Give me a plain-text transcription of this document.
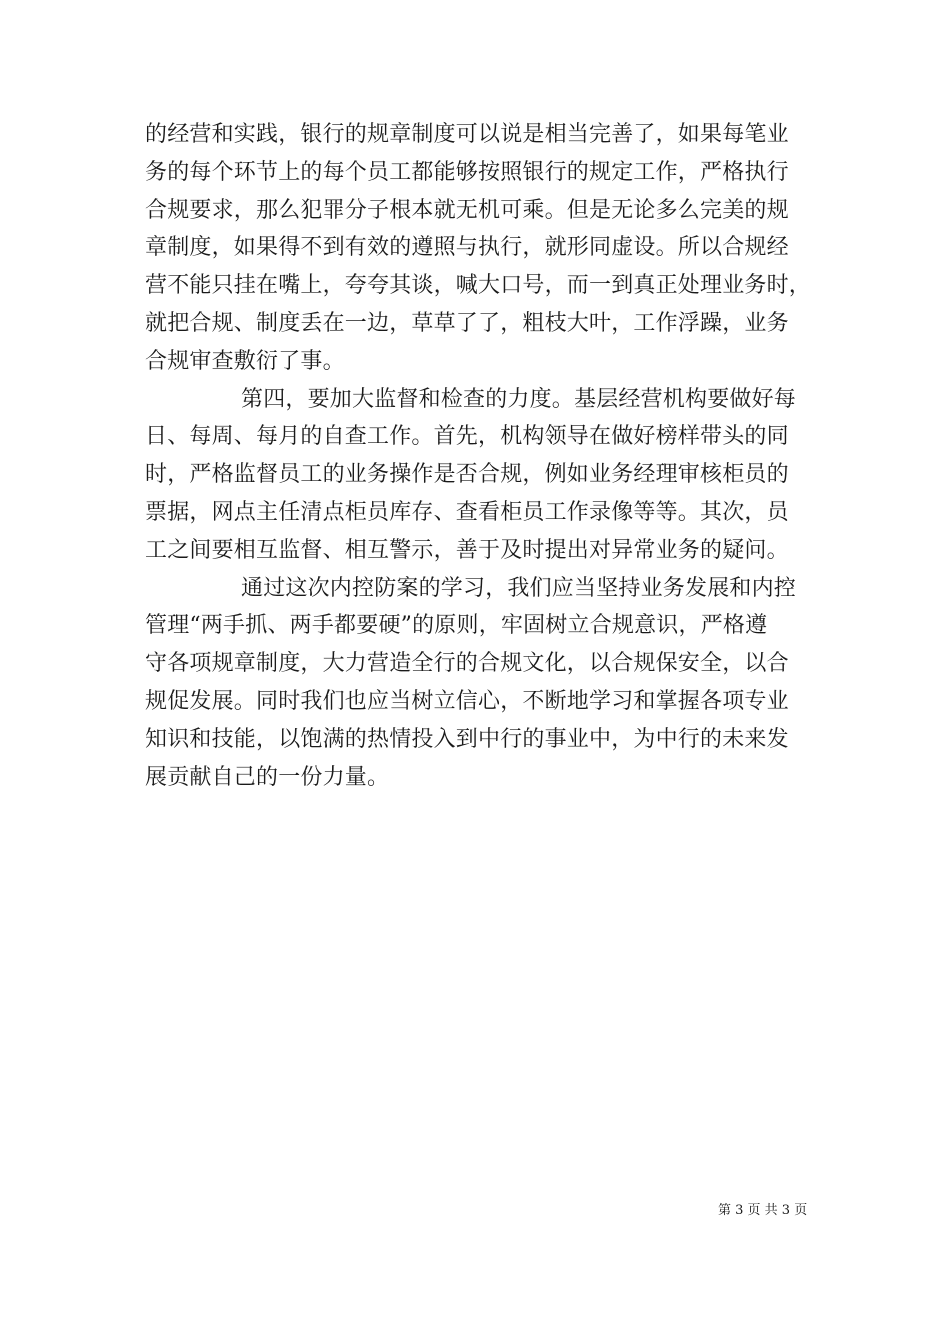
的经营和实践，银行的规章制度可以说是相当完善了，如果每笔业
务的每个环节上的每个员工都能够按照银行的规定工作，严格执行
合规要求，那么犯罪分子根本就无机可乘。但是无论多么完美的规
章制度，如果得不到有效的遵照与执行，就形同虚设。所以合规经
营不能只挂在嘴上，夸夸其谈，喊大口号，而一到真正处理业务时，
就把合规、制度丢在一边，草草了了，粗枝大叶，工作浮躁，业务
合规审查敷衍了事。
第四，要加大监督和检查的力度。基层经营机构要做好每
日、每周、每月的自查工作。首先，机构领导在做好榜样带头的同
时，严格监督员工的业务操作是否合规，例如业务经理审核柜员的
票据，网点主任清点柜员库存、查看柜员工作录像等等。其次，员
工之间要相互监督、相互警示，善于及时提出对异常业务的疑问。
通过这次内控防案的学习，我们应当坚持业务发展和内控
管理“两手抓、两手都要硬”的原则，牢固树立合规意识，严格遵
守各项规章制度，大力营造全行的合规文化，以合规保安全，以合
规促发展。同时我们也应当树立信心，不断地学习和掌握各项专业
知识和技能，以饱满的热情投入到中行的事业中，为中行的未来发
展贡献自己的一份力量。
第 3 页 共 3 页
